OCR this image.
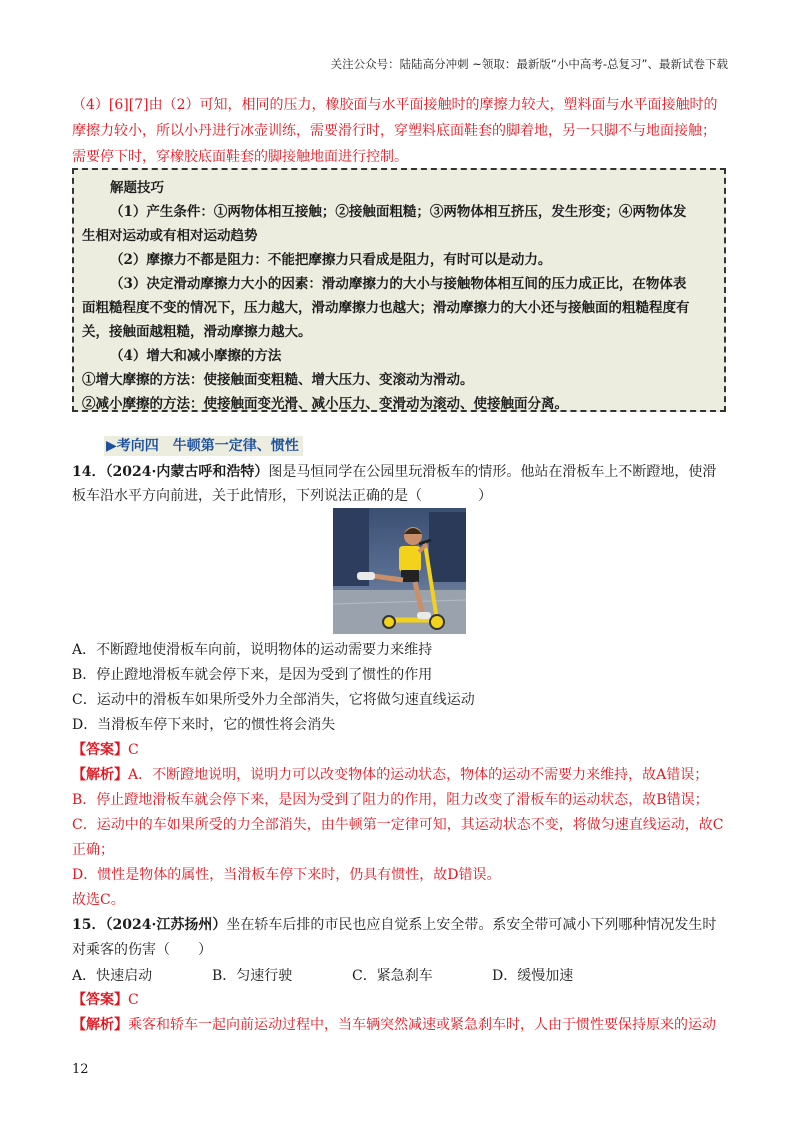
关注公众号：陆陆高分冲刺 ~领取：最新版“小中高考-总复习”、最新试卷下载
（4）[6][7]由（2）可知，相同的压力，橡胶面与水平面接触时的摩擦力较大，塑料面与水平面接触时的
摩擦力较小，所以小丹进行冰壶训练，需要滑行时，穿塑料底面鞋套的脚着地，另一只脚不与地面接触；
需要停下时，穿橡胶底面鞋套的脚接触地面进行控制。
解题技巧
（1）产生条件：①两物体相互接触；②接触面粗糙；③两物体相互挤压，发生形变；④两物体发
生相对运动或有相对运动趋势
（2）摩擦力不都是阻力：不能把摩擦力只看成是阻力，有时可以是动力。
（3）决定滑动摩擦力大小的因素：滑动摩擦力的大小与接触物体相互间的压力成正比，在物体表
面粗糙程度不变的情况下，压力越大，滑动摩擦力也越大；滑动摩擦力的大小还与接触面的粗糙程度有
关，接触面越粗糙，滑动摩擦力越大。
（4）增大和减小摩擦的方法
①增大摩擦的方法：使接触面变粗糙、增大压力、变滚动为滑动。
②减小摩擦的方法：使接触面变光滑、减小压力、变滑动为滚动、使接触面分离。
▶考向四　牛顿第一定律、惯性
14．（2024·内蒙古呼和浩特）图是马恒同学在公园里玩滑板车的情形。他站在滑板车上不断蹬地，使滑
板车沿水平方向前进，关于此情形，下列说法正确的是（　　　　）
A．不断蹬地使滑板车向前，说明物体的运动需要力来维持
B．停止蹬地滑板车就会停下来，是因为受到了惯性的作用
C．运动中的滑板车如果所受外力全部消失，它将做匀速直线运动
D．当滑板车停下来时，它的惯性将会消失
【答案】C
【解析】A．不断蹬地说明，说明力可以改变物体的运动状态，物体的运动不需要力来维持，故A错误；
B．停止蹬地滑板车就会停下来，是因为受到了阻力的作用，阻力改变了滑板车的运动状态，故B错误；
C．运动中的车如果所受的力全部消失，由牛顿第一定律可知，其运动状态不变，将做匀速直线运动，故C
正确；
D．惯性是物体的属性，当滑板车停下来时，仍具有惯性，故D错误。
故选C。
15．（2024·江苏扬州）坐在轿车后排的市民也应自觉系上安全带。系安全带可减小下列哪种情况发生时
对乘客的伤害（　　）
A．快速启动	B．匀速行驶	C．紧急刹车	D．缓慢加速
【答案】C
【解析】乘客和轿车一起向前运动过程中，当车辆突然减速或紧急刹车时，人由于惯性要保持原来的运动
12
